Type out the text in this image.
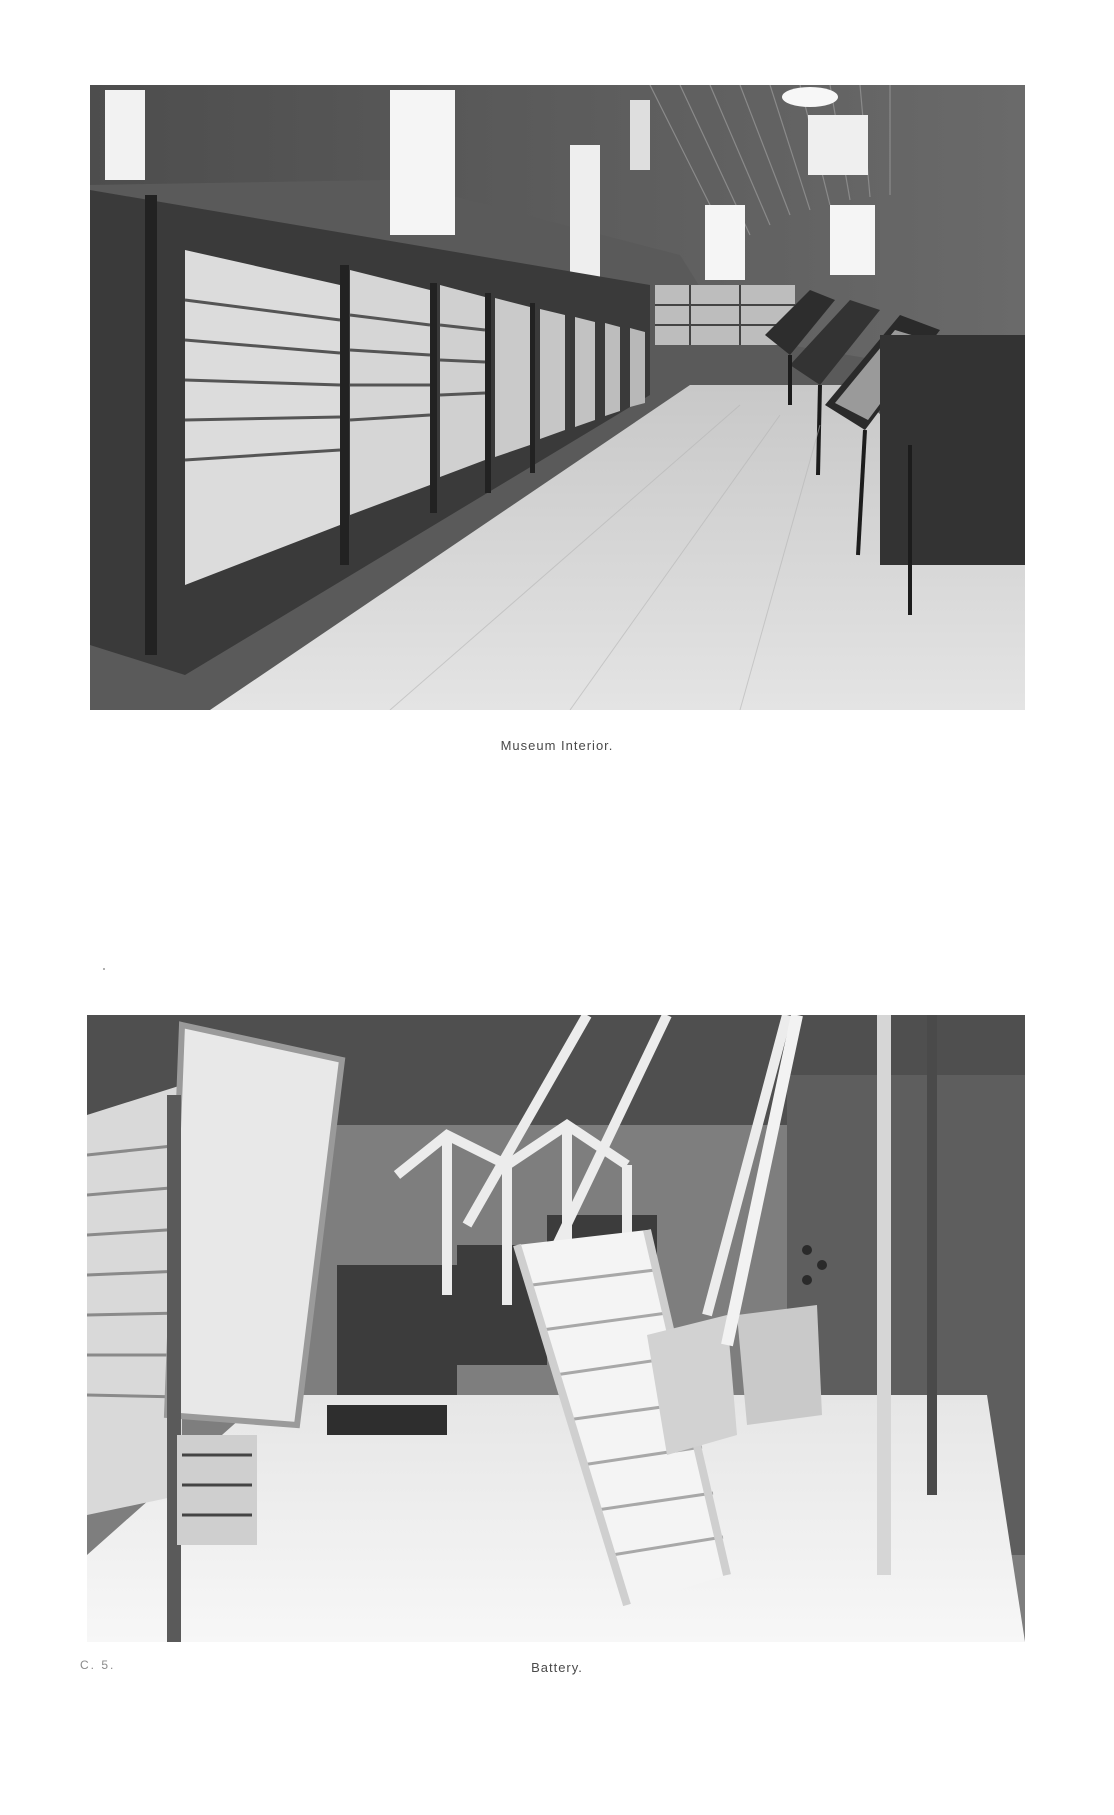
Museum Interior.
Battery.
C. 5.
